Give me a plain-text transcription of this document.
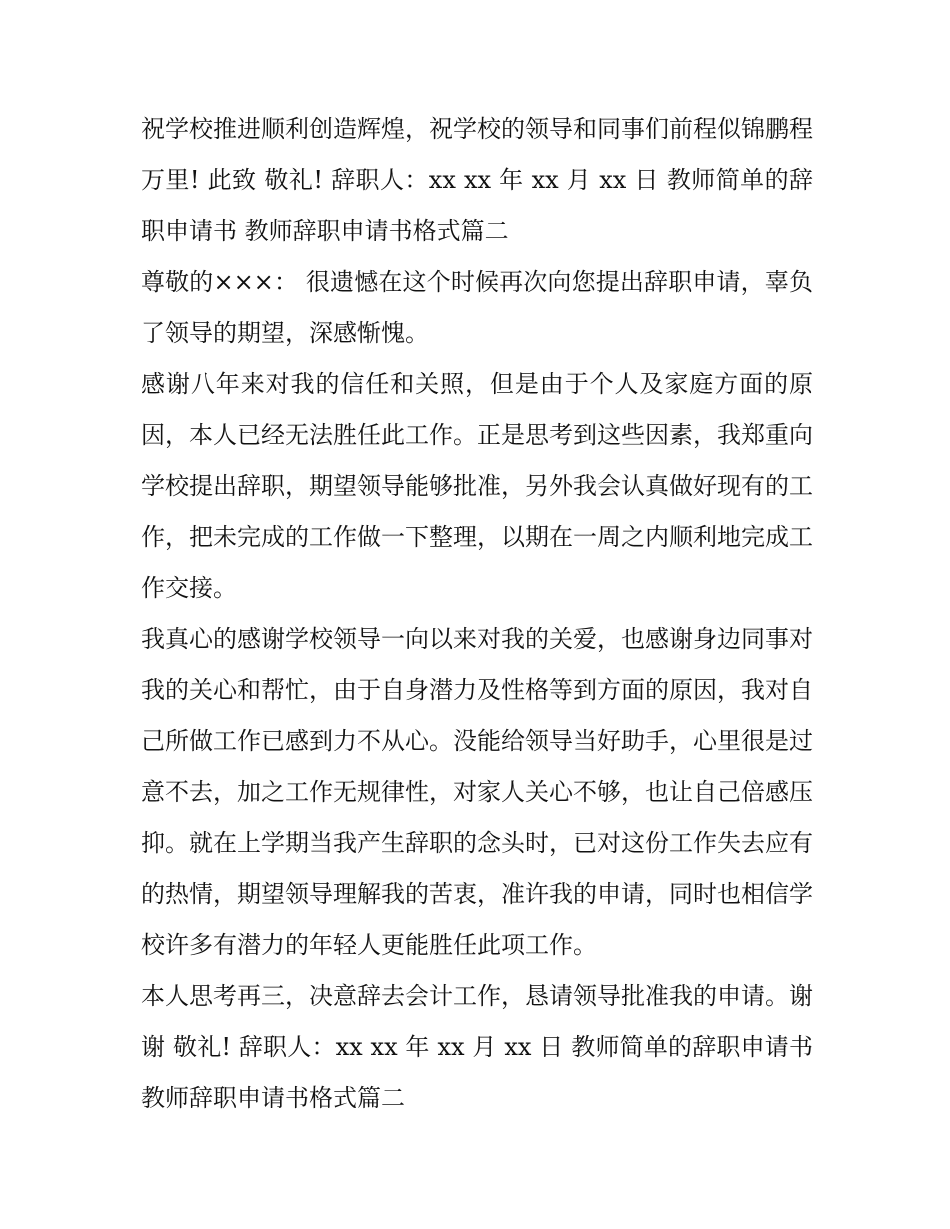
祝学校推进顺利创造辉煌，祝学校的领导和同事们前程似锦鹏程万里! 此致 敬礼! 辞职人：xx xx 年 xx 月 xx 日 教师简单的辞职申请书 教师辞职申请书格式篇二

尊敬的×××： 很遗憾在这个时候再次向您提出辞职申请，辜负了领导的期望，深感惭愧。

感谢八年来对我的信任和关照，但是由于个人及家庭方面的原因，本人已经无法胜任此工作。正是思考到这些因素，我郑重向学校提出辞职，期望领导能够批准，另外我会认真做好现有的工作，把未完成的工作做一下整理，以期在一周之内顺利地完成工作交接。

我真心的感谢学校领导一向以来对我的关爱，也感谢身边同事对我的关心和帮忙，由于自身潜力及性格等到方面的原因，我对自己所做工作已感到力不从心。没能给领导当好助手，心里很是过意不去，加之工作无规律性，对家人关心不够，也让自己倍感压抑。就在上学期当我产生辞职的念头时，已对这份工作失去应有的热情，期望领导理解我的苦衷，准许我的申请，同时也相信学校许多有潜力的年轻人更能胜任此项工作。

本人思考再三，决意辞去会计工作，恳请领导批准我的申请。谢谢 敬礼! 辞职人：xx xx 年 xx 月 xx 日 教师简单的辞职申请书 教师辞职申请书格式篇二
